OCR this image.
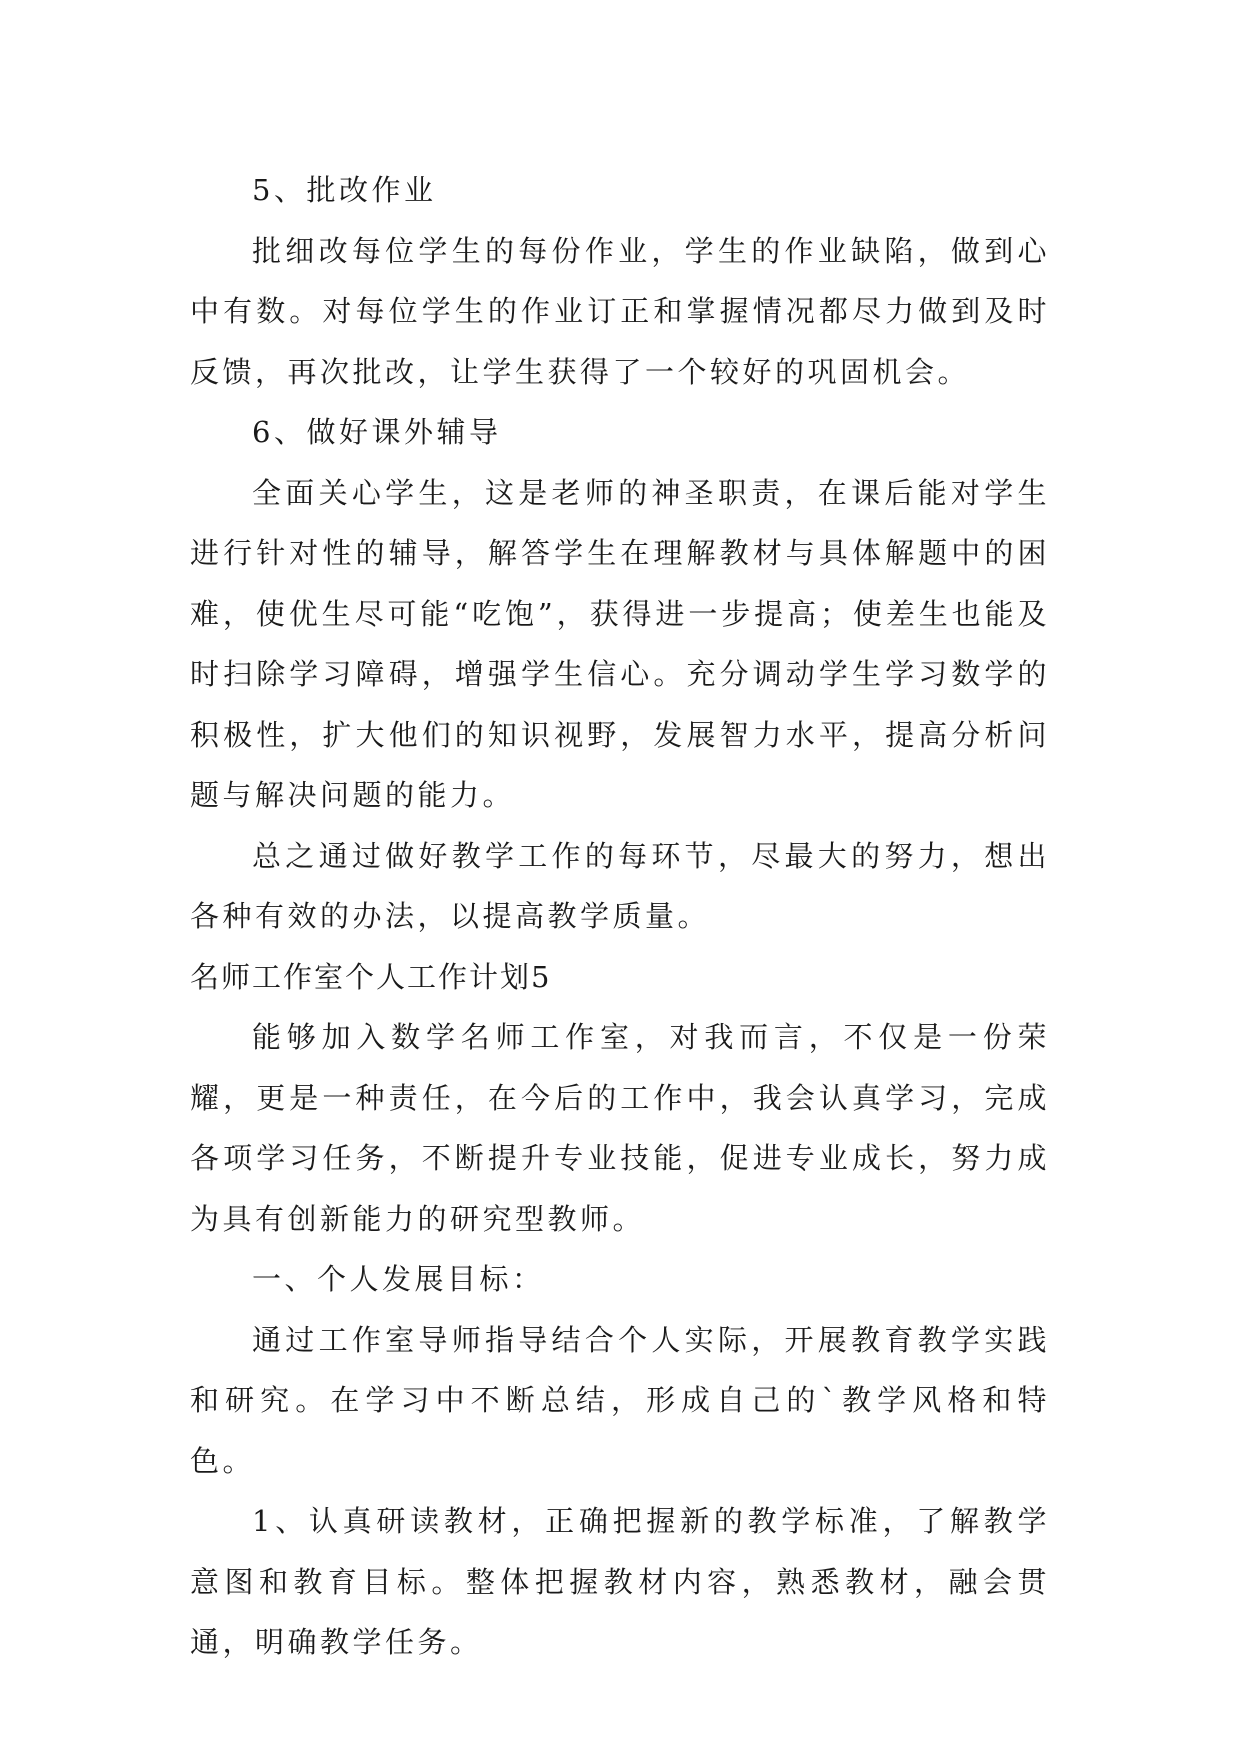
5、批改作业

批细改每位学生的每份作业，学生的作业缺陷，做到心中有数。对每位学生的作业订正和掌握情况都尽力做到及时反馈，再次批改，让学生获得了一个较好的巩固机会。

6、做好课外辅导

全面关心学生，这是老师的神圣职责，在课后能对学生进行针对性的辅导，解答学生在理解教材与具体解题中的困难，使优生尽可能“吃饱”，获得进一步提高；使差生也能及时扫除学习障碍，增强学生信心。充分调动学生学习数学的积极性，扩大他们的知识视野，发展智力水平，提高分析问题与解决问题的能力。

总之通过做好教学工作的每环节，尽最大的努力，想出各种有效的办法，以提高教学质量。

名师工作室个人工作计划5

能够加入数学名师工作室，对我而言，不仅是一份荣耀，更是一种责任，在今后的工作中，我会认真学习，完成各项学习任务，不断提升专业技能，促进专业成长，努力成为具有创新能力的研究型教师。

一、个人发展目标：

通过工作室导师指导结合个人实际，开展教育教学实践和研究。在学习中不断总结，形成自己的`教学风格和特色。

1、认真研读教材，正确把握新的教学标准，了解教学意图和教育目标。整体把握教材内容，熟悉教材，融会贯通，明确教学任务。
